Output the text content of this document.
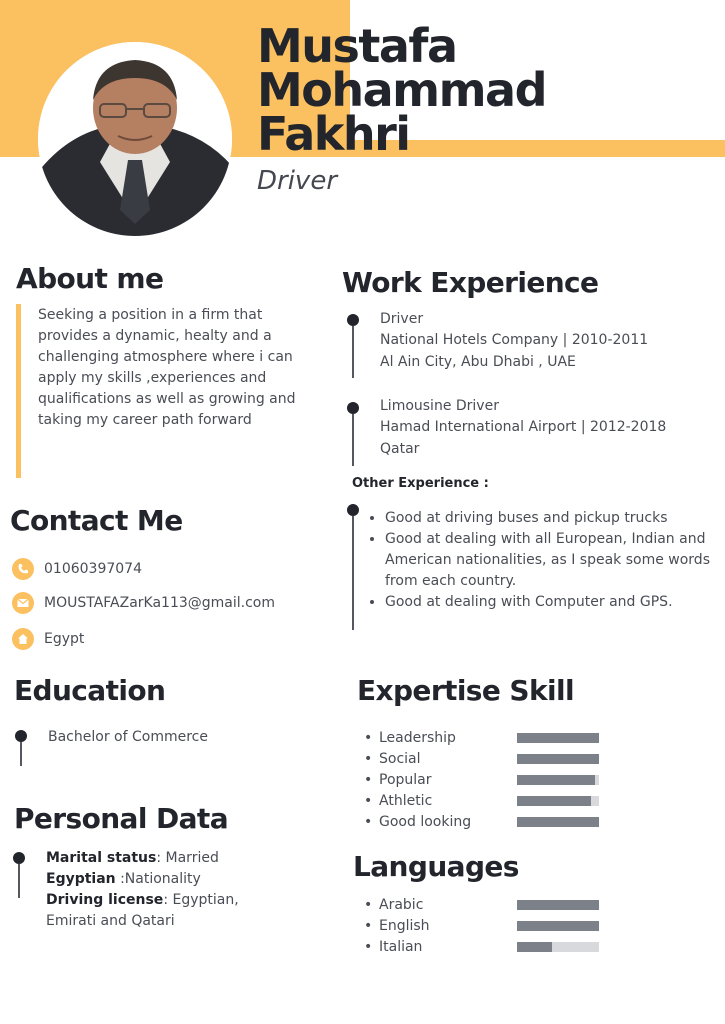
Mustafa
Mohammad
Fakhri
Driver
About me
Seeking a position in a firm that provides a dynamic, healty and a challenging atmosphere where i can apply my skills ,experiences and qualifications as well as growing and taking my career path forward
Contact Me
01060397074
MOUSTAFAZarKa113@gmail.com
Egypt
Education
Bachelor of Commerce
Personal Data
Marital status: Married
Egyptian :Nationality
Driving license: Egyptian, Emirati and Qatari
Work Experience
Driver
National Hotels Company | 2010-2011
Al Ain City, Abu Dhabi , UAE
Limousine Driver
Hamad International Airport | 2012-2018
Qatar
Other Experience :
• Good at driving buses and pickup trucks
• Good at dealing with all European, Indian and American nationalities, as I speak some words from each country.
• Good at dealing with Computer and GPS.
Expertise Skill
• Leadership
• Social
• Popular
• Athletic
• Good looking
Languages
• Arabic
• English
• Italian
